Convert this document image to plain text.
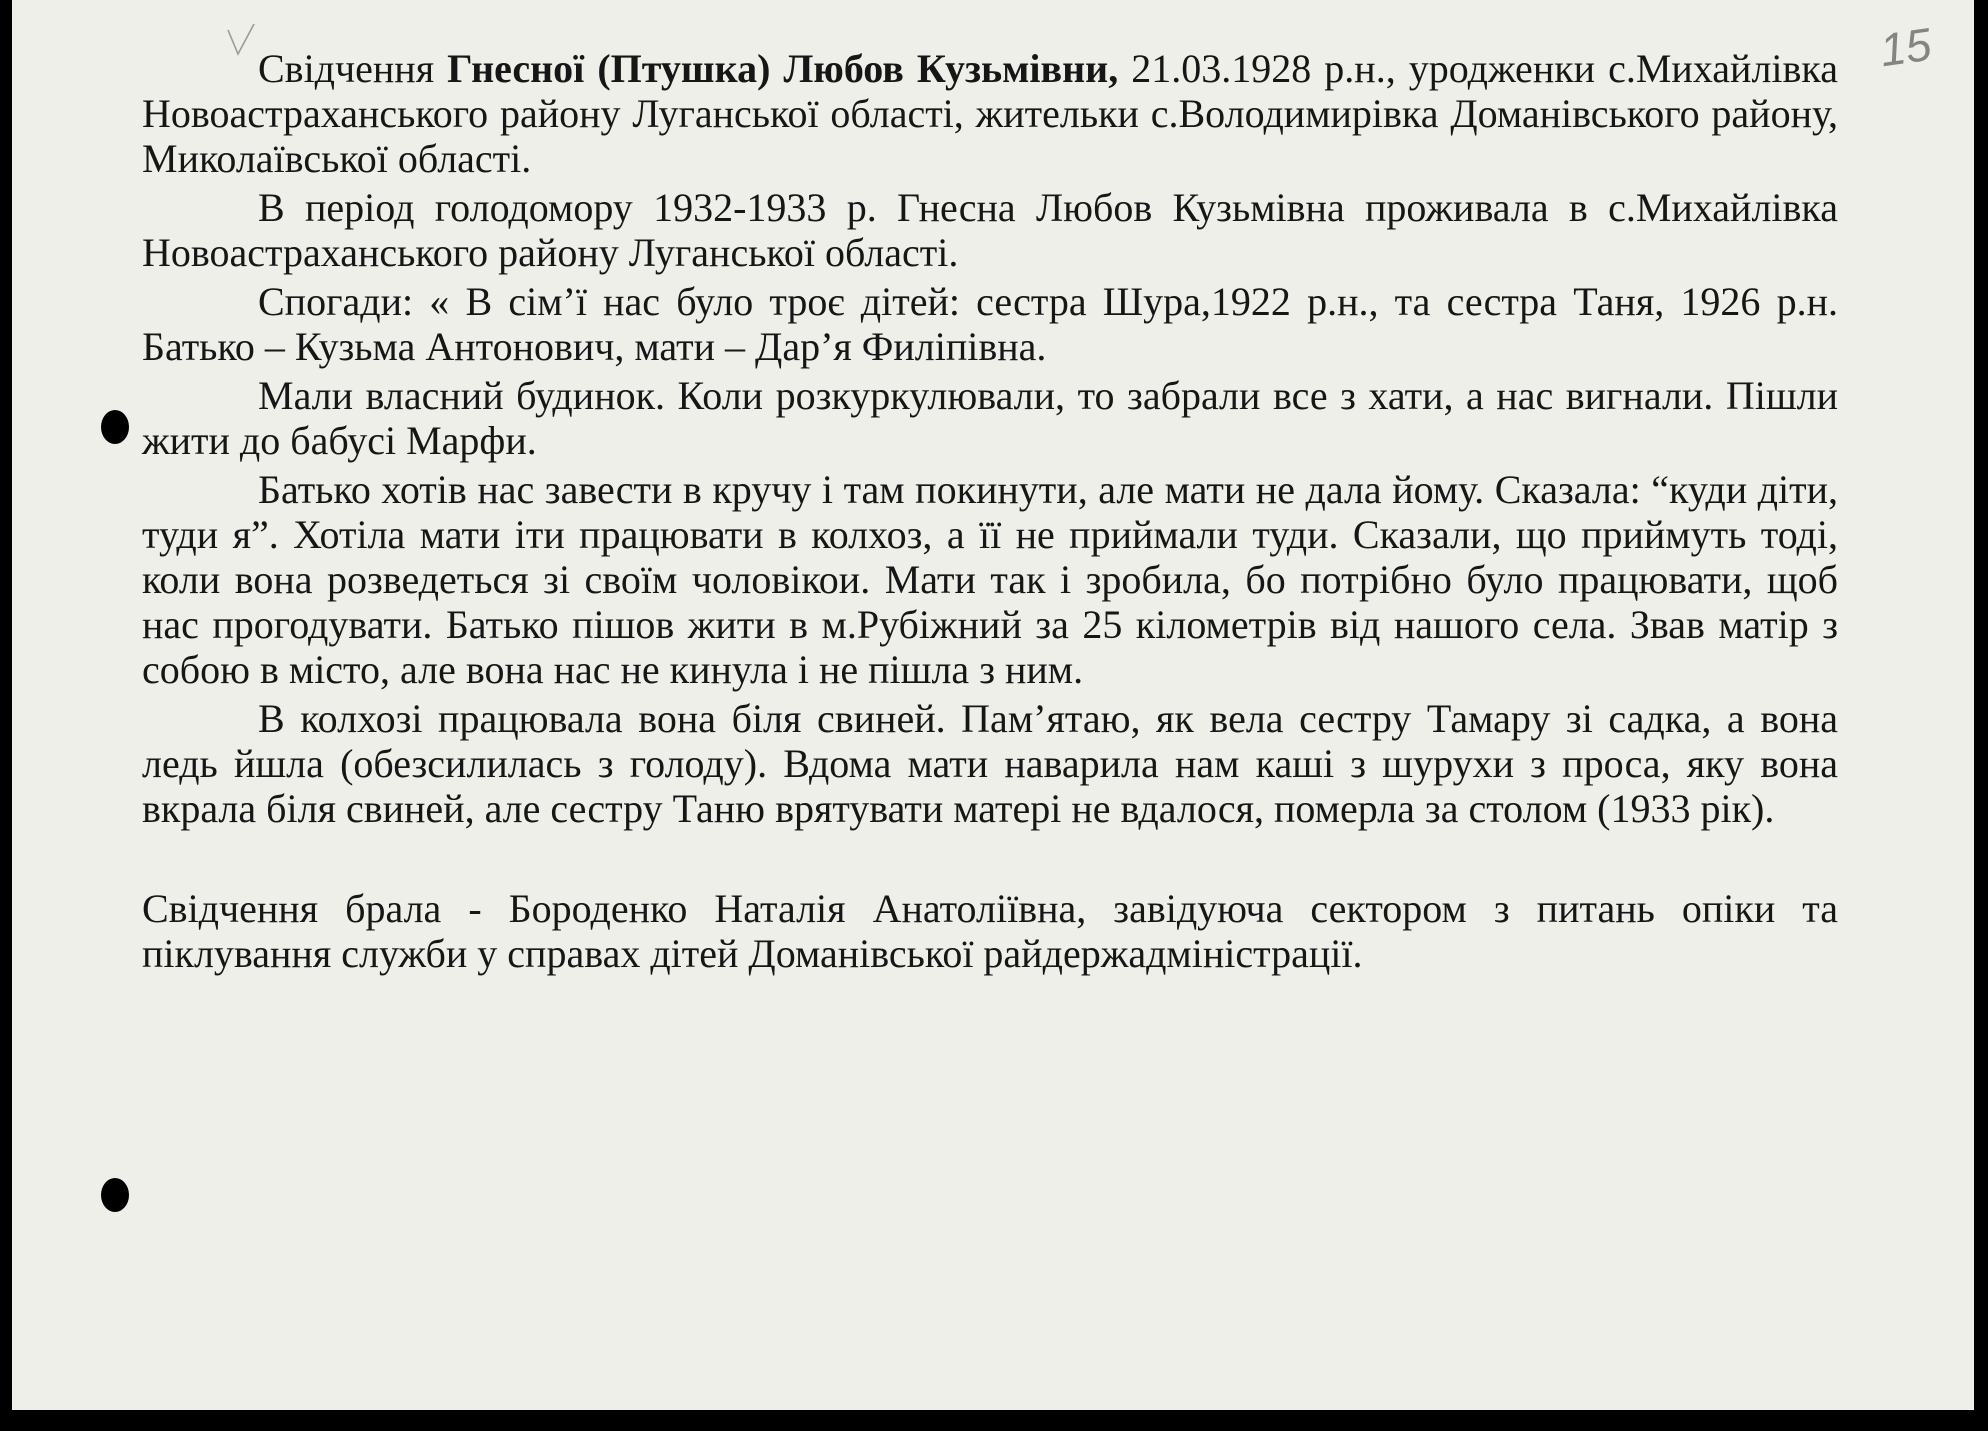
15

Свідчення Гнесної (Птушка) Любов Кузьмівни, 21.03.1928 р.н., уродженки с.Михайлівка Новоастраханського району Луганської області, жительки с.Володимирівка Доманівського району, Миколаївської області.

В період голодомору 1932-1933 р. Гнесна Любов Кузьмівна проживала в с.Михайлівка Новоастраханського району Луганської області.

Спогади: « В сім’ї нас було троє дітей: сестра Шура,1922 р.н., та сестра Таня, 1926 р.н. Батько – Кузьма Антонович, мати – Дар’я Филіпівна.

Мали власний будинок. Коли розкуркулювали, то забрали все з хати, а нас вигнали. Пішли жити до бабусі Марфи.

Батько хотів нас завести в кручу і там покинути, але мати не дала йому. Сказала: “куди діти, туди я”. Хотіла мати іти працювати в колхоз, а її не приймали туди. Сказали, що приймуть тоді, коли вона розведеться зі своїм чоловікои. Мати так і зробила, бо потрібно було працювати, щоб нас прогодувати. Батько пішов жити в м.Рубіжний за 25 кілометрів від нашого села. Звав матір з собою в місто, але вона нас не кинула і не пішла з ним.

В колхозі працювала вона біля свиней. Пам’ятаю, як вела сестру Тамару зі садка, а вона ледь йшла (обезсилилась з голоду). Вдома мати наварила нам каші з шурухи з проса, яку вона вкрала біля свиней, але сестру Таню врятувати матері не вдалося, померла за столом (1933 рік).

Свідчення брала - Бороденко Наталія Анатоліївна, завідуюча сектором з питань опіки та піклування служби у справах дітей Доманівської райдержадміністрації.
